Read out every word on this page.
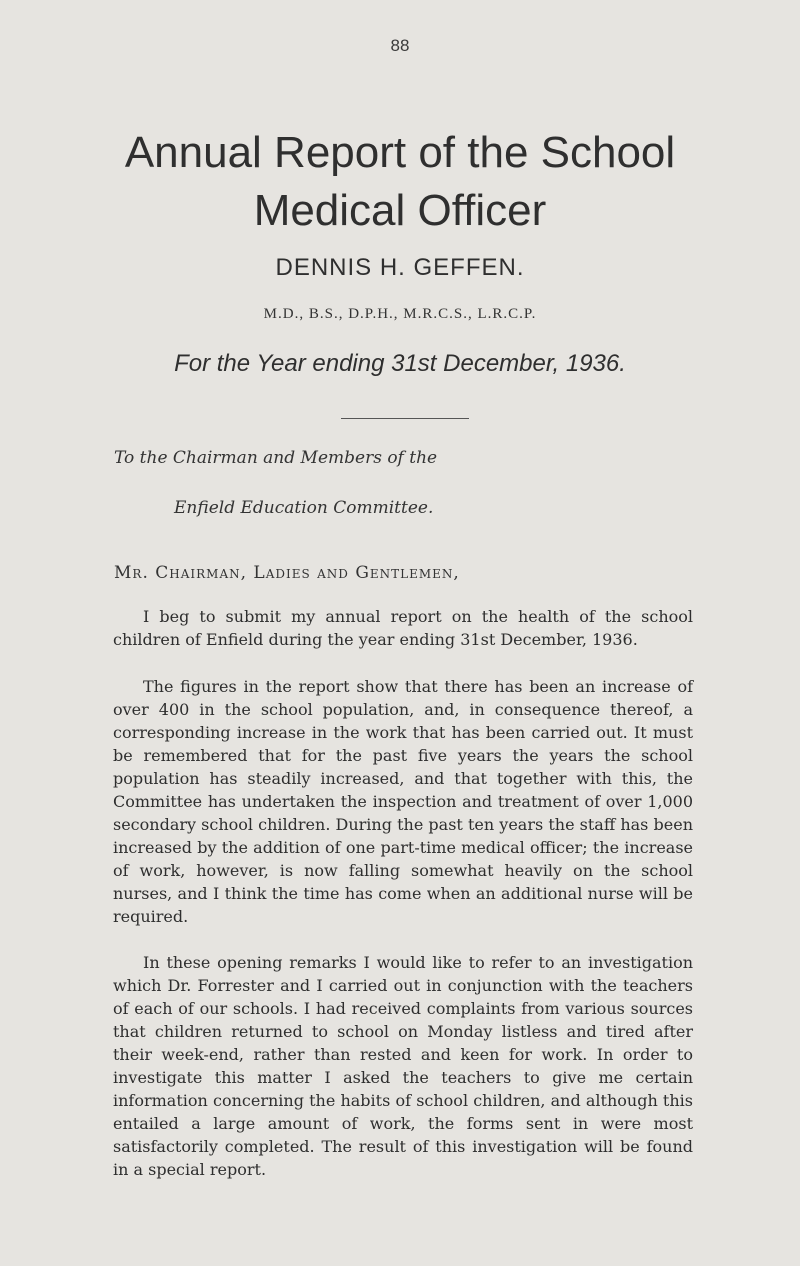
88
Annual Report of the School
Medical Officer
DENNIS H. GEFFEN.
M.D., B.S., D.P.H., M.R.C.S., L.R.C.P.
For the Year ending 31st December, 1936.
To the Chairman and Members of the
Enfield Education Committee.
Mr. Chairman, Ladies and Gentlemen,

I beg to submit my annual report on the health of the school children of Enfield during the year ending 31st December, 1936.

The figures in the report show that there has been an increase of over 400 in the school population, and, in consequence thereof, a corresponding increase in the work that has been carried out. It must be remembered that for the past five years the years the school population has steadily increased, and that together with this, the Committee has undertaken the inspection and treatment of over 1,000 secondary school children. During the past ten years the staff has been increased by the addition of one part-time medical officer; the increase of work, however, is now falling somewhat heavily on the school nurses, and I think the time has come when an additional nurse will be required.

In these opening remarks I would like to refer to an investigation which Dr. Forrester and I carried out in conjunction with the teachers of each of our schools. I had received complaints from various sources that children returned to school on Monday listless and tired after their week-end, rather than rested and keen for work. In order to investigate this matter I asked the teachers to give me certain information concerning the habits of school children, and although this entailed a large amount of work, the forms sent in were most satisfactorily completed. The result of this investigation will be found in a special report.
